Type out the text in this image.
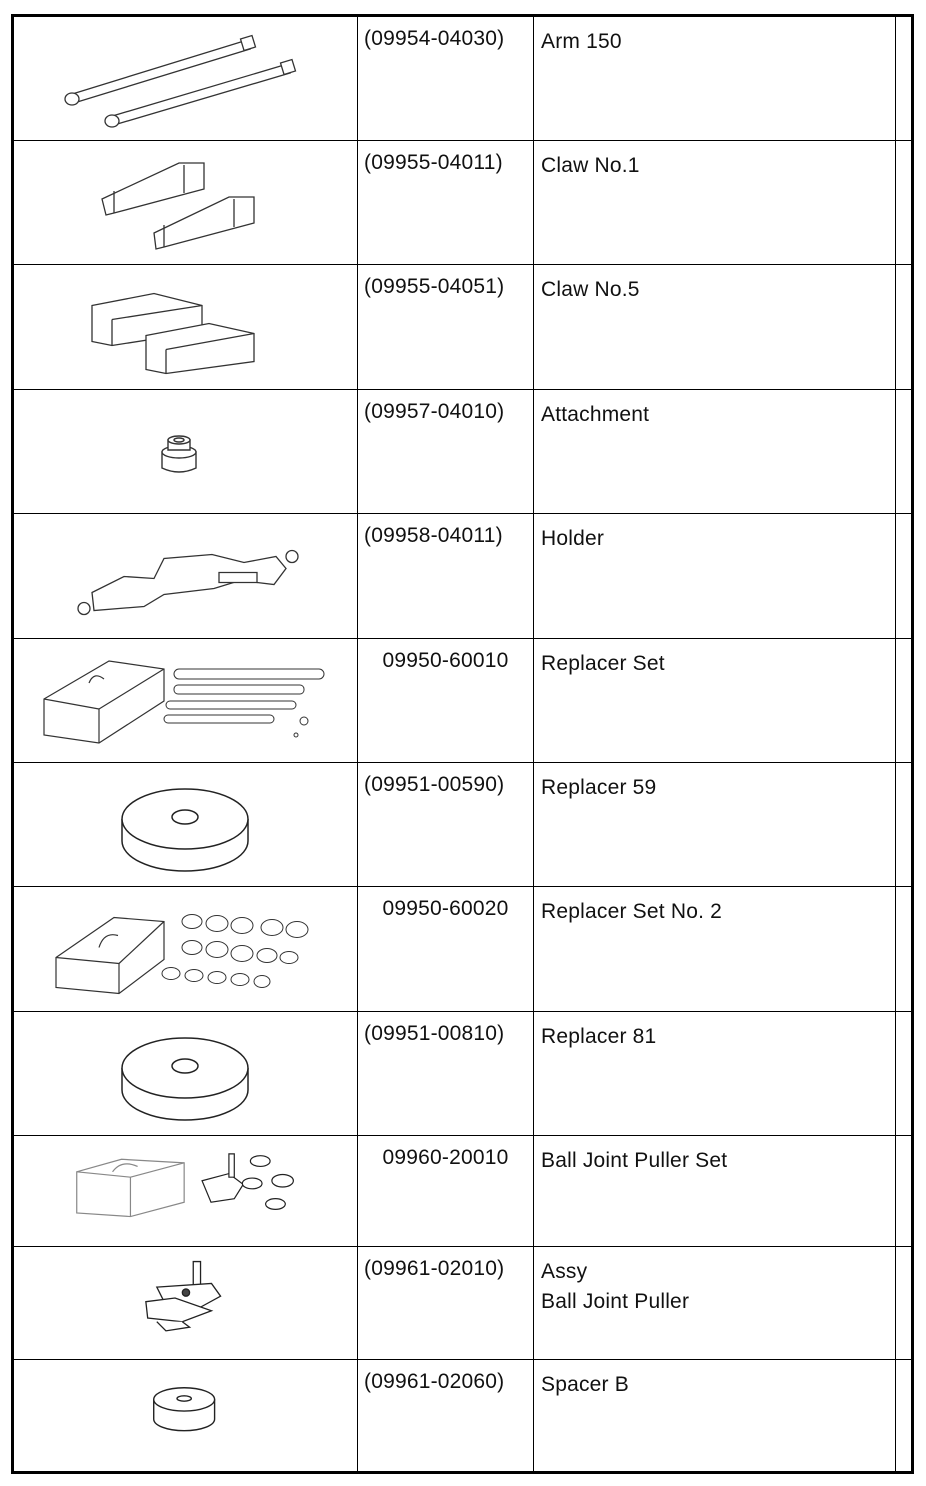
(09954-04030)	Arm 150
(09955-04011)	Claw No.1
(09955-04051)	Claw No.5
(09957-04010)	Attachment
(09958-04011)	Holder
09950-60010	Replacer Set
(09951-00590)	Replacer 59
09950-60020	Replacer Set No. 2
(09951-00810)	Replacer 81
09960-20010	Ball Joint Puller Set
(09961-02010)	Assy
Ball Joint Puller
(09961-02060)	Spacer B
